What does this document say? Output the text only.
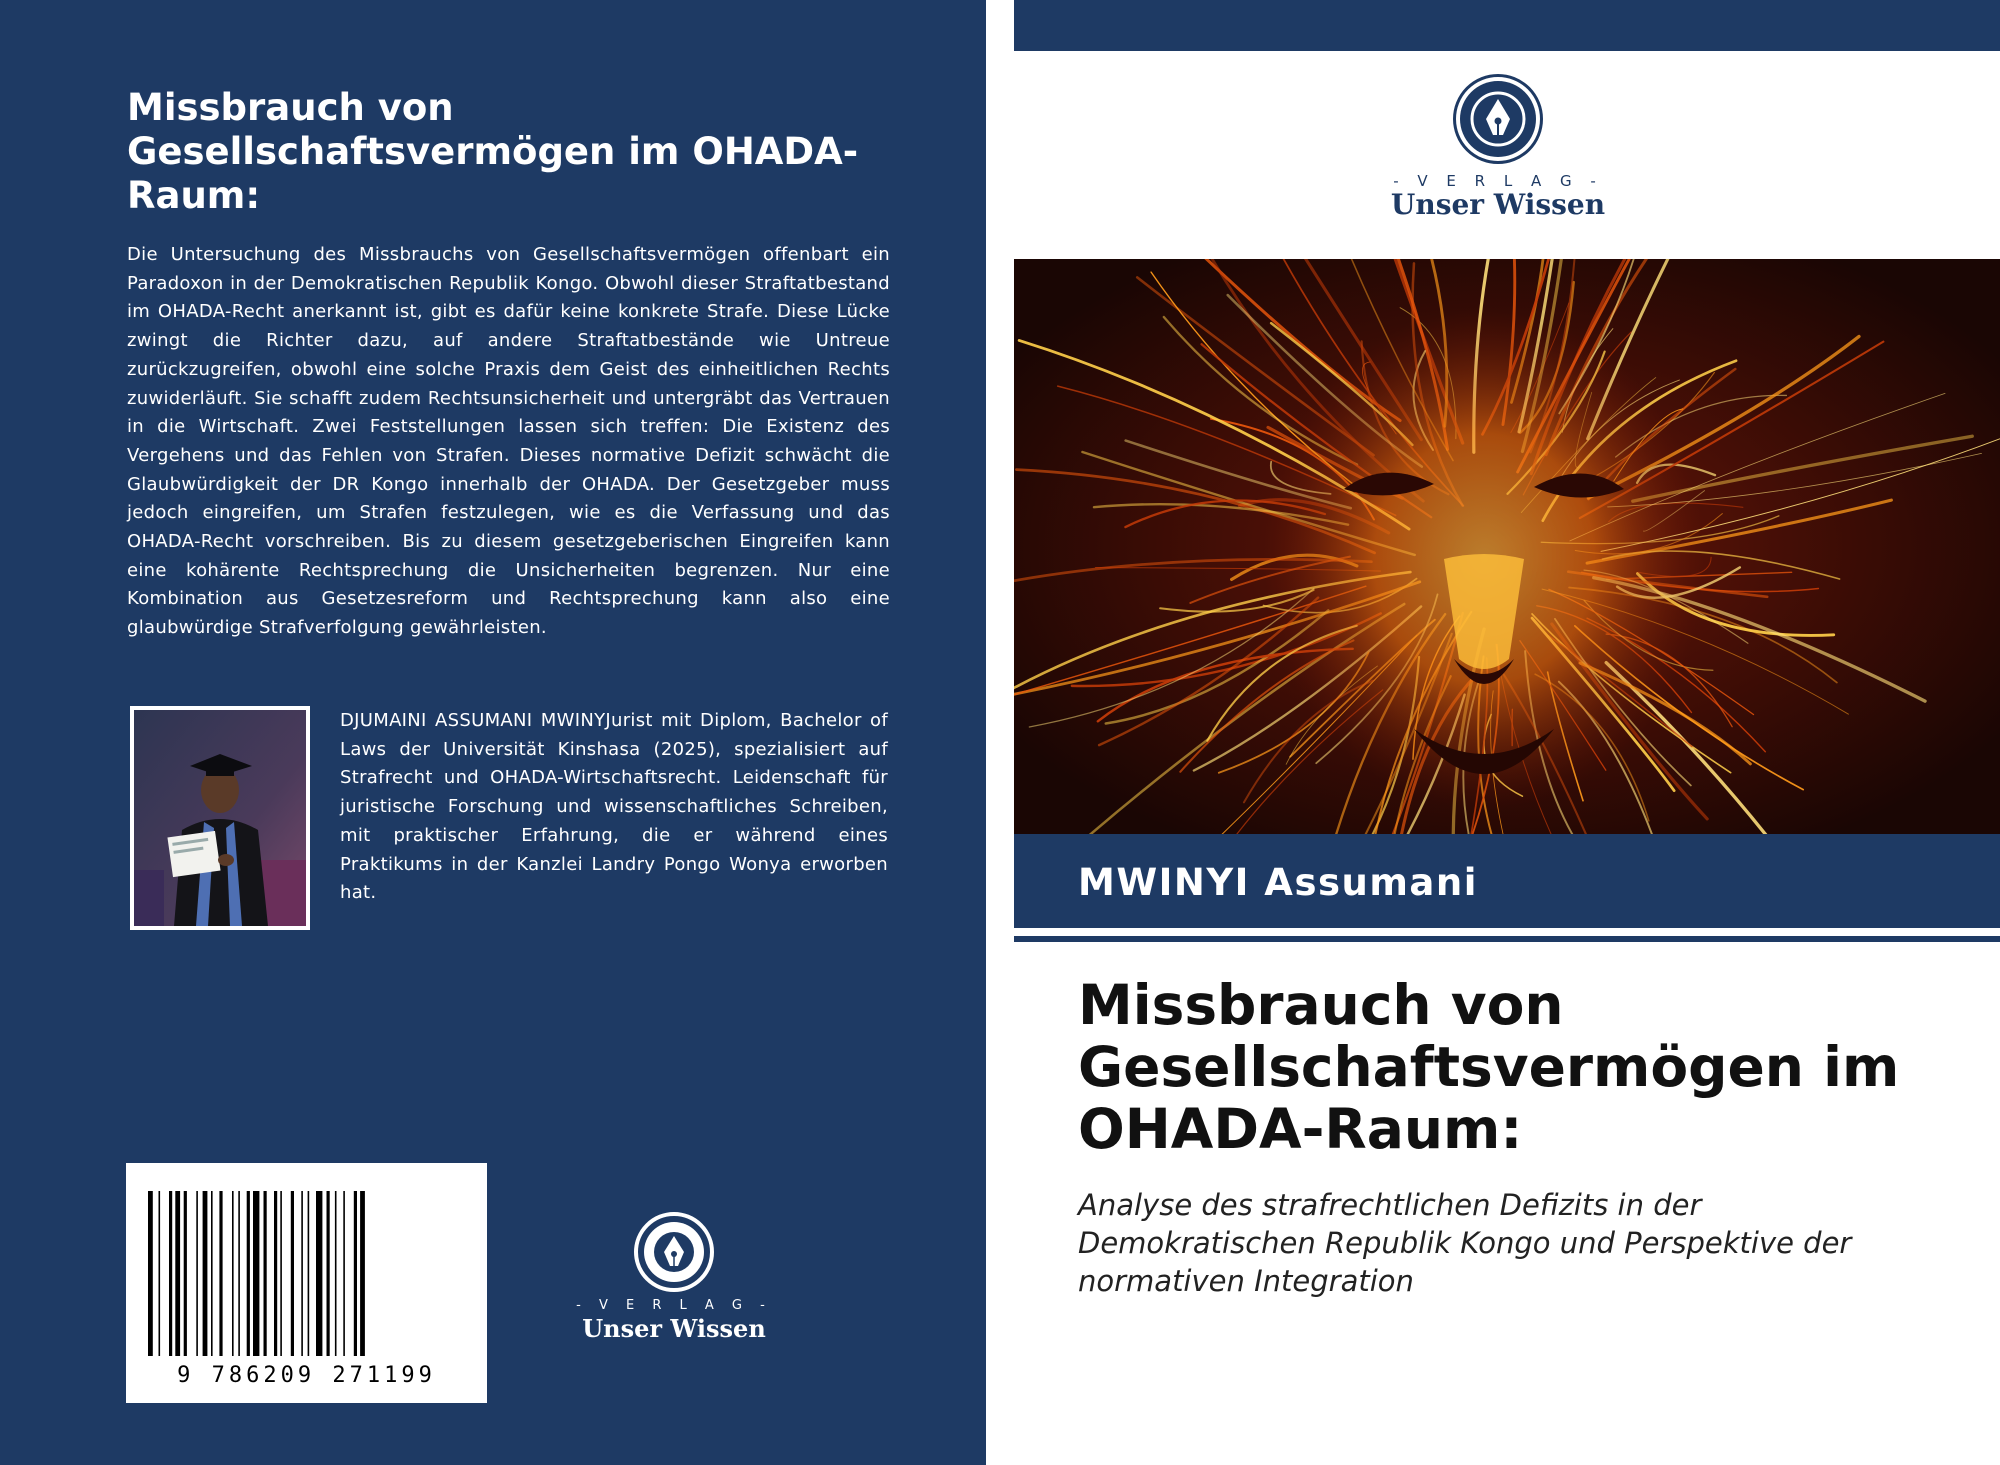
Missbrauch von Gesellschaftsvermögen im OHADA-Raum:
Die Untersuchung des Missbrauchs von Gesellschaftsvermögen offenbart ein Paradoxon in der Demokratischen Republik Kongo. Obwohl dieser Straftatbestand im OHADA-Recht anerkannt ist, gibt es dafür keine konkrete Strafe. Diese Lücke zwingt die Richter dazu, auf andere Straftatbestände wie Untreue zurückzugreifen, obwohl eine solche Praxis dem Geist des einheitlichen Rechts zuwiderläuft. Sie schafft zudem Rechtsunsicherheit und untergräbt das Vertrauen in die Wirtschaft. Zwei Feststellungen lassen sich treffen: Die Existenz des Vergehens und das Fehlen von Strafen. Dieses normative Defizit schwächt die Glaubwürdigkeit der DR Kongo innerhalb der OHADA. Der Gesetzgeber muss jedoch eingreifen, um Strafen festzulegen, wie es die Verfassung und das OHADA-Recht vorschreiben. Bis zu diesem gesetzgeberischen Eingreifen kann eine kohärente Rechtsprechung die Unsicherheiten begrenzen. Nur eine Kombination aus Gesetzesreform und Rechtsprechung kann also eine glaubwürdige Strafverfolgung gewährleisten.
DJUMAINI ASSUMANI MWINYJurist mit Diplom, Bachelor of Laws der Universität Kinshasa (2025), spezialisiert auf Strafrecht und OHADA-Wirtschaftsrecht. Leidenschaft für juristische Forschung und wissenschaftliches Schreiben, mit praktischer Erfahrung, die er während eines Praktikums in der Kanzlei Landry Pongo Wonya erworben hat.
9 786209 271199
- V E R L A G -
Unser Wissen
- V E R L A G -
Unser Wissen
MWINYI Assumani
Missbrauch von Gesellschaftsvermögen im OHADA-Raum:
Analyse des strafrechtlichen Defizits in der Demokratischen Republik Kongo und Perspektive der normativen Integration
